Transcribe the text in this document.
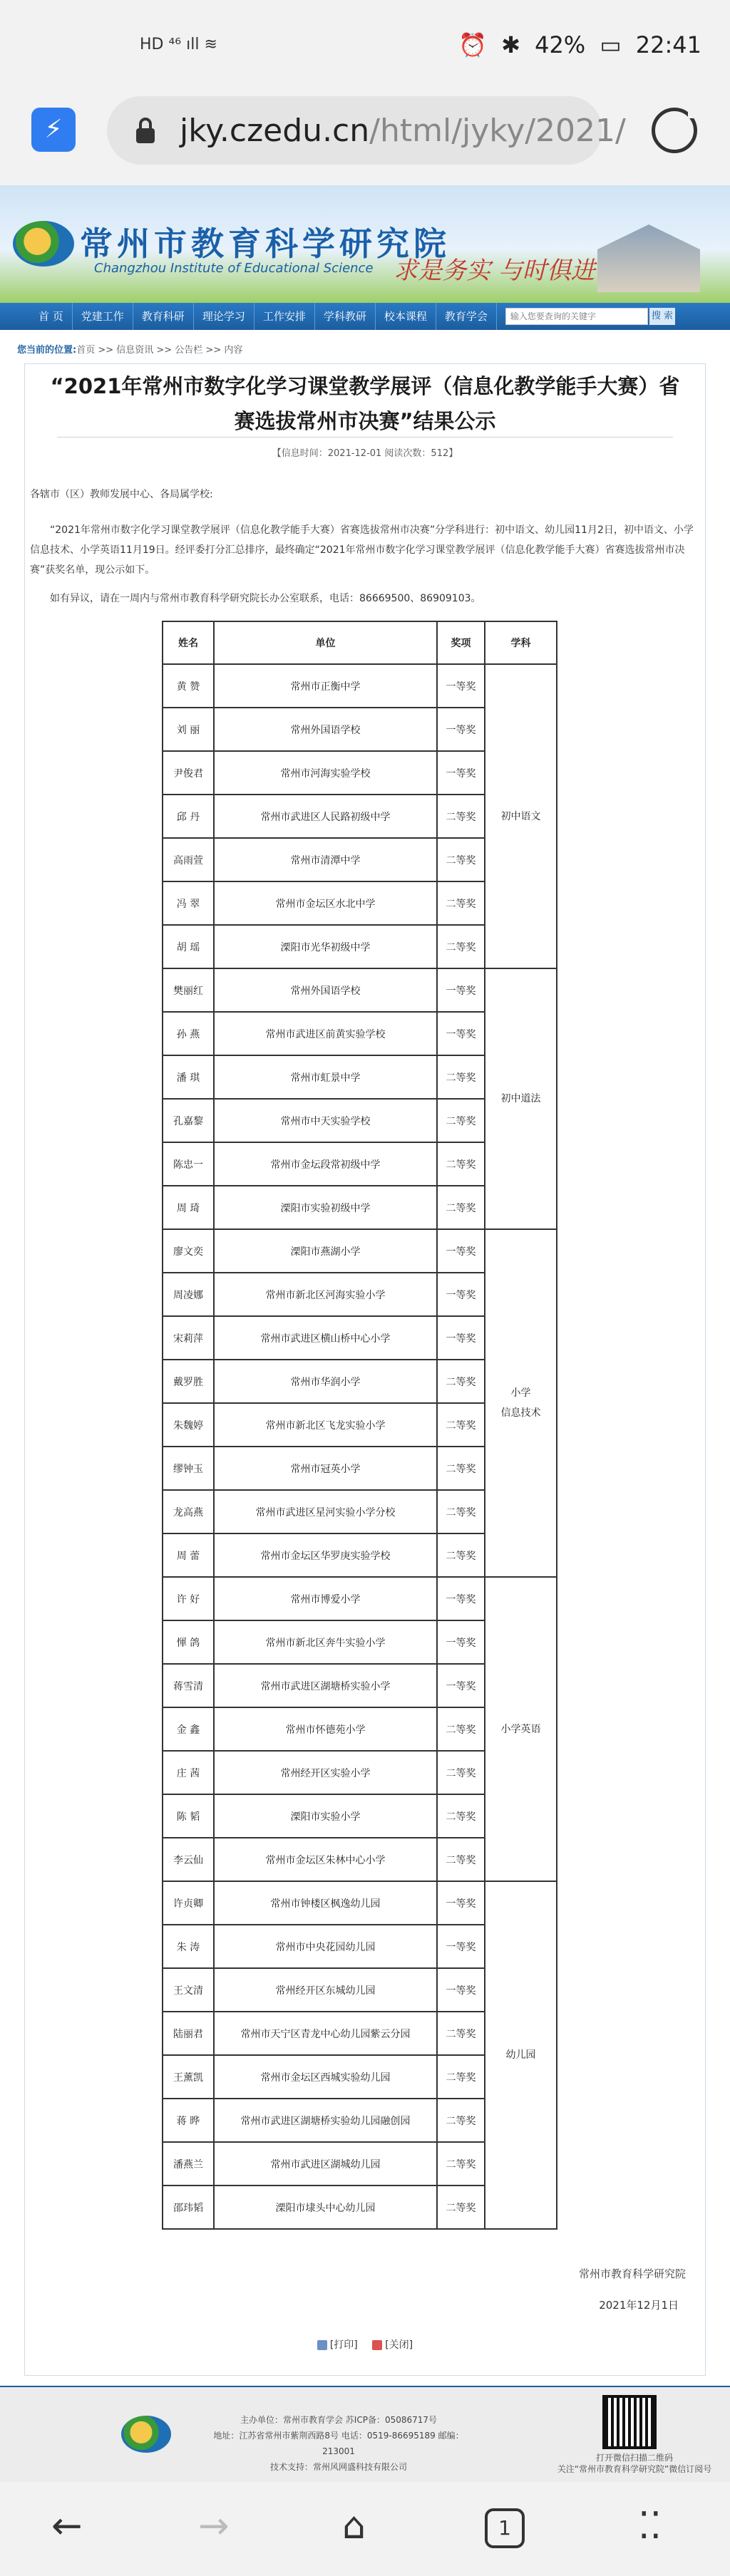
HD ⁴⁶ ıll ≋	⏰ ✱ 42% ▭ 22:41
⚡	jky.czedu.cn/html/jyky/2021/
常州市教育科学研究院
Changzhou Institute of Educational Science 求是务实 与时俱进
首 页	党建工作	教育科研	理论学习	工作安排	学科教研	校本课程	教育学会
输入您要查询的关键字	搜 索
您当前的位置:首页 >> 信息资讯 >> 公告栏 >> 内容
“2021年常州市数字化学习课堂教学展评（信息化教学能手大赛）省赛选拔常州市决赛”结果公示
【信息时间：2021-12-01 阅读次数：512】
各辖市（区）教师发展中心、各局属学校:
“2021年常州市数字化学习课堂教学展评（信息化教学能手大赛）省赛选拔常州市决赛”分学科进行：初中语文、幼儿园11月2日，初中语文、小学信息技术、小学英语11月19日。经评委打分汇总排序，最终确定“2021年常州市数字化学习课堂教学展评（信息化教学能手大赛）省赛选拔常州市决赛”获奖名单，现公示如下。
如有异议，请在一周内与常州市教育科学研究院长办公室联系，电话：86669500、86909103。
姓名	单位	奖项	学科
黄 赞	常州市正衡中学	一等奖	初中语文
刘 丽	常州外国语学校	一等奖	
尹俊君	常州市河海实验学校	一等奖	
邱 丹	常州市武进区人民路初级中学	二等奖	
高雨萱	常州市清潭中学	二等奖	
冯 翠	常州市金坛区水北中学	二等奖	
胡 瑶	溧阳市光华初级中学	二等奖	
樊丽红	常州外国语学校	一等奖	初中道法
孙 燕	常州市武进区前黄实验学校	一等奖	
潘 琪	常州市虹景中学	二等奖	
孔嘉黎	常州市中天实验学校	二等奖	
陈忠一	常州市金坛段常初级中学	二等奖	
周 琦	溧阳市实验初级中学	二等奖	
廖文奕	溧阳市燕湖小学	一等奖	小学
信息技术
周凌娜	常州市新北区河海实验小学	一等奖	
宋莉萍	常州市武进区横山桥中心小学	一等奖	
戴罗胜	常州市华润小学	二等奖	
朱魏婷	常州市新北区飞龙实验小学	二等奖	
缪钟玉	常州市冠英小学	二等奖	
龙高燕	常州市武进区星河实验小学分校	二等奖	
周 蕾	常州市金坛区华罗庚实验学校	二等奖	
许 好	常州市博爱小学	一等奖	小学英语
惲 鸽	常州市新北区奔牛实验小学	一等奖	
蒋雪清	常州市武进区湖塘桥实验小学	一等奖	
金 鑫	常州市怀德苑小学	二等奖	
庄 茜	常州经开区实验小学	二等奖	
陈 韬	溧阳市实验小学	二等奖	
李云仙	常州市金坛区朱林中心小学	二等奖	
许贞卿	常州市钟楼区枫逸幼儿园	一等奖	幼儿园
朱 涛	常州市中央花园幼儿园	一等奖	
王文清	常州经开区东城幼儿园	一等奖	
陆丽君	常州市天宁区青龙中心幼儿园紫云分园	二等奖	
王薰凯	常州市金坛区西城实验幼儿园	二等奖	
蒋 晔	常州市武进区湖塘桥实验幼儿园融创园	二等奖	
潘燕兰	常州市武进区湖城幼儿园	二等奖	
邵玮韬	溧阳市埭头中心幼儿园	二等奖	
常州市教育科学研究院
2021年12月1日
[打印]	[关闭]
主办单位：常州市教育学会 苏ICP备：05086717号
地址：江苏省常州市紫荆西路8号 电话：0519-86695189 邮编：213001
技术支持：常州风网盛科技有限公司
打开微信扫描二维码
关注“常州市教育科学研究院”微信订阅号
←	→	⌂	1	⁚⁚
